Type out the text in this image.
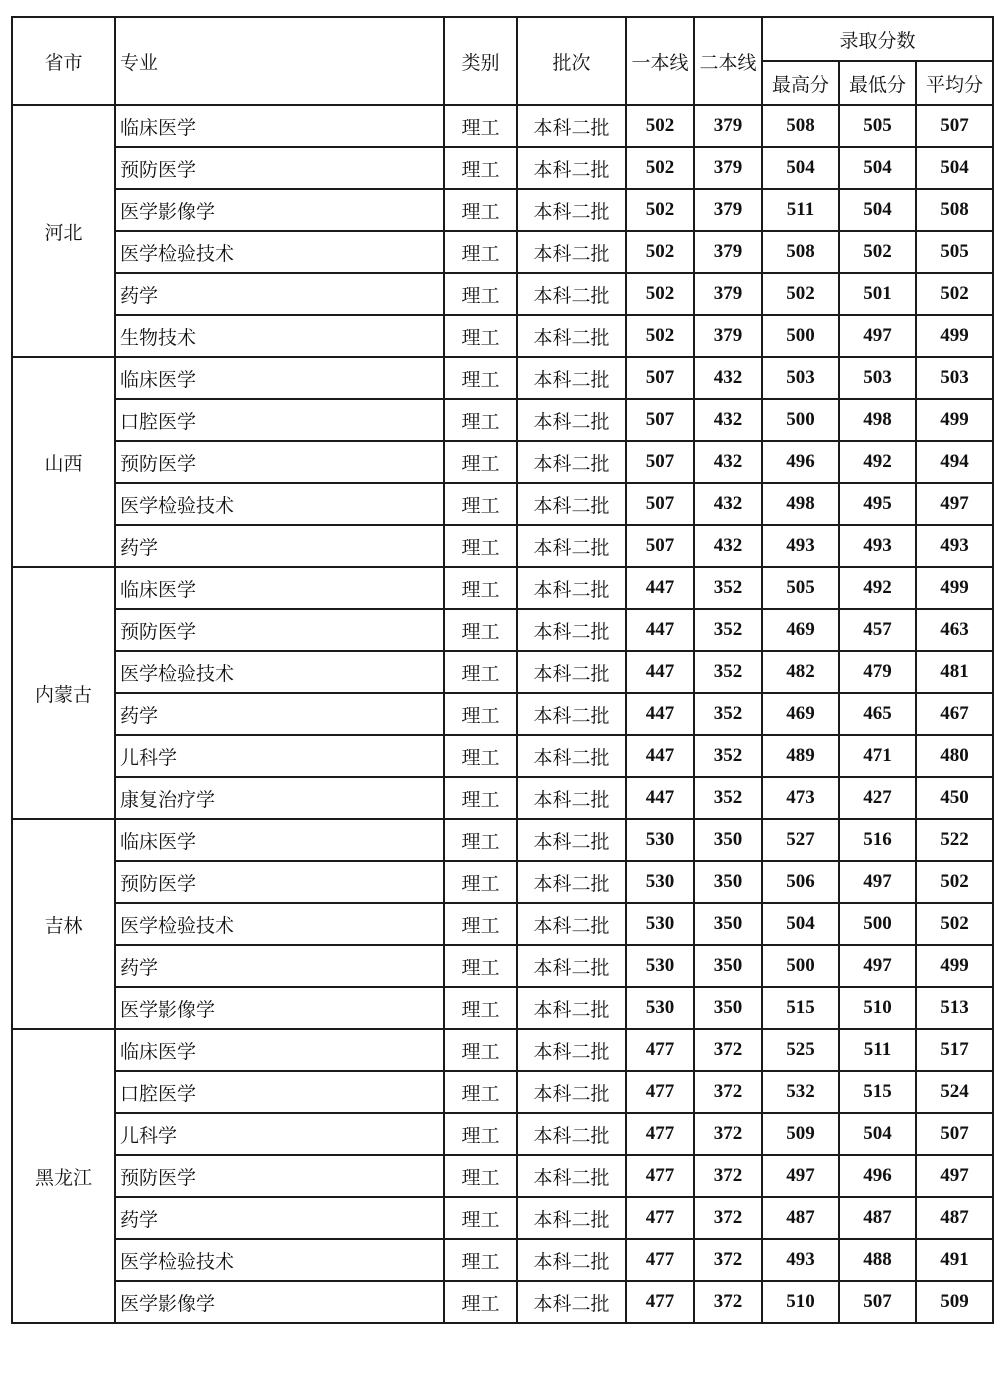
省市	专业	类别	批次	一本线	二本线	录取分数		
						最高分	最低分	平均分
河北	临床医学	理工	本科二批	502	379	508	505	507
	预防医学	理工	本科二批	502	379	504	504	504
	医学影像学	理工	本科二批	502	379	511	504	508
	医学检验技术	理工	本科二批	502	379	508	502	505
	药学	理工	本科二批	502	379	502	501	502
	生物技术	理工	本科二批	502	379	500	497	499
山西	临床医学	理工	本科二批	507	432	503	503	503
	口腔医学	理工	本科二批	507	432	500	498	499
	预防医学	理工	本科二批	507	432	496	492	494
	医学检验技术	理工	本科二批	507	432	498	495	497
	药学	理工	本科二批	507	432	493	493	493
内蒙古	临床医学	理工	本科二批	447	352	505	492	499
	预防医学	理工	本科二批	447	352	469	457	463
	医学检验技术	理工	本科二批	447	352	482	479	481
	药学	理工	本科二批	447	352	469	465	467
	儿科学	理工	本科二批	447	352	489	471	480
	康复治疗学	理工	本科二批	447	352	473	427	450
吉林	临床医学	理工	本科二批	530	350	527	516	522
	预防医学	理工	本科二批	530	350	506	497	502
	医学检验技术	理工	本科二批	530	350	504	500	502
	药学	理工	本科二批	530	350	500	497	499
	医学影像学	理工	本科二批	530	350	515	510	513
黑龙江	临床医学	理工	本科二批	477	372	525	511	517
	口腔医学	理工	本科二批	477	372	532	515	524
	儿科学	理工	本科二批	477	372	509	504	507
	预防医学	理工	本科二批	477	372	497	496	497
	药学	理工	本科二批	477	372	487	487	487
	医学检验技术	理工	本科二批	477	372	493	488	491
	医学影像学	理工	本科二批	477	372	510	507	509
